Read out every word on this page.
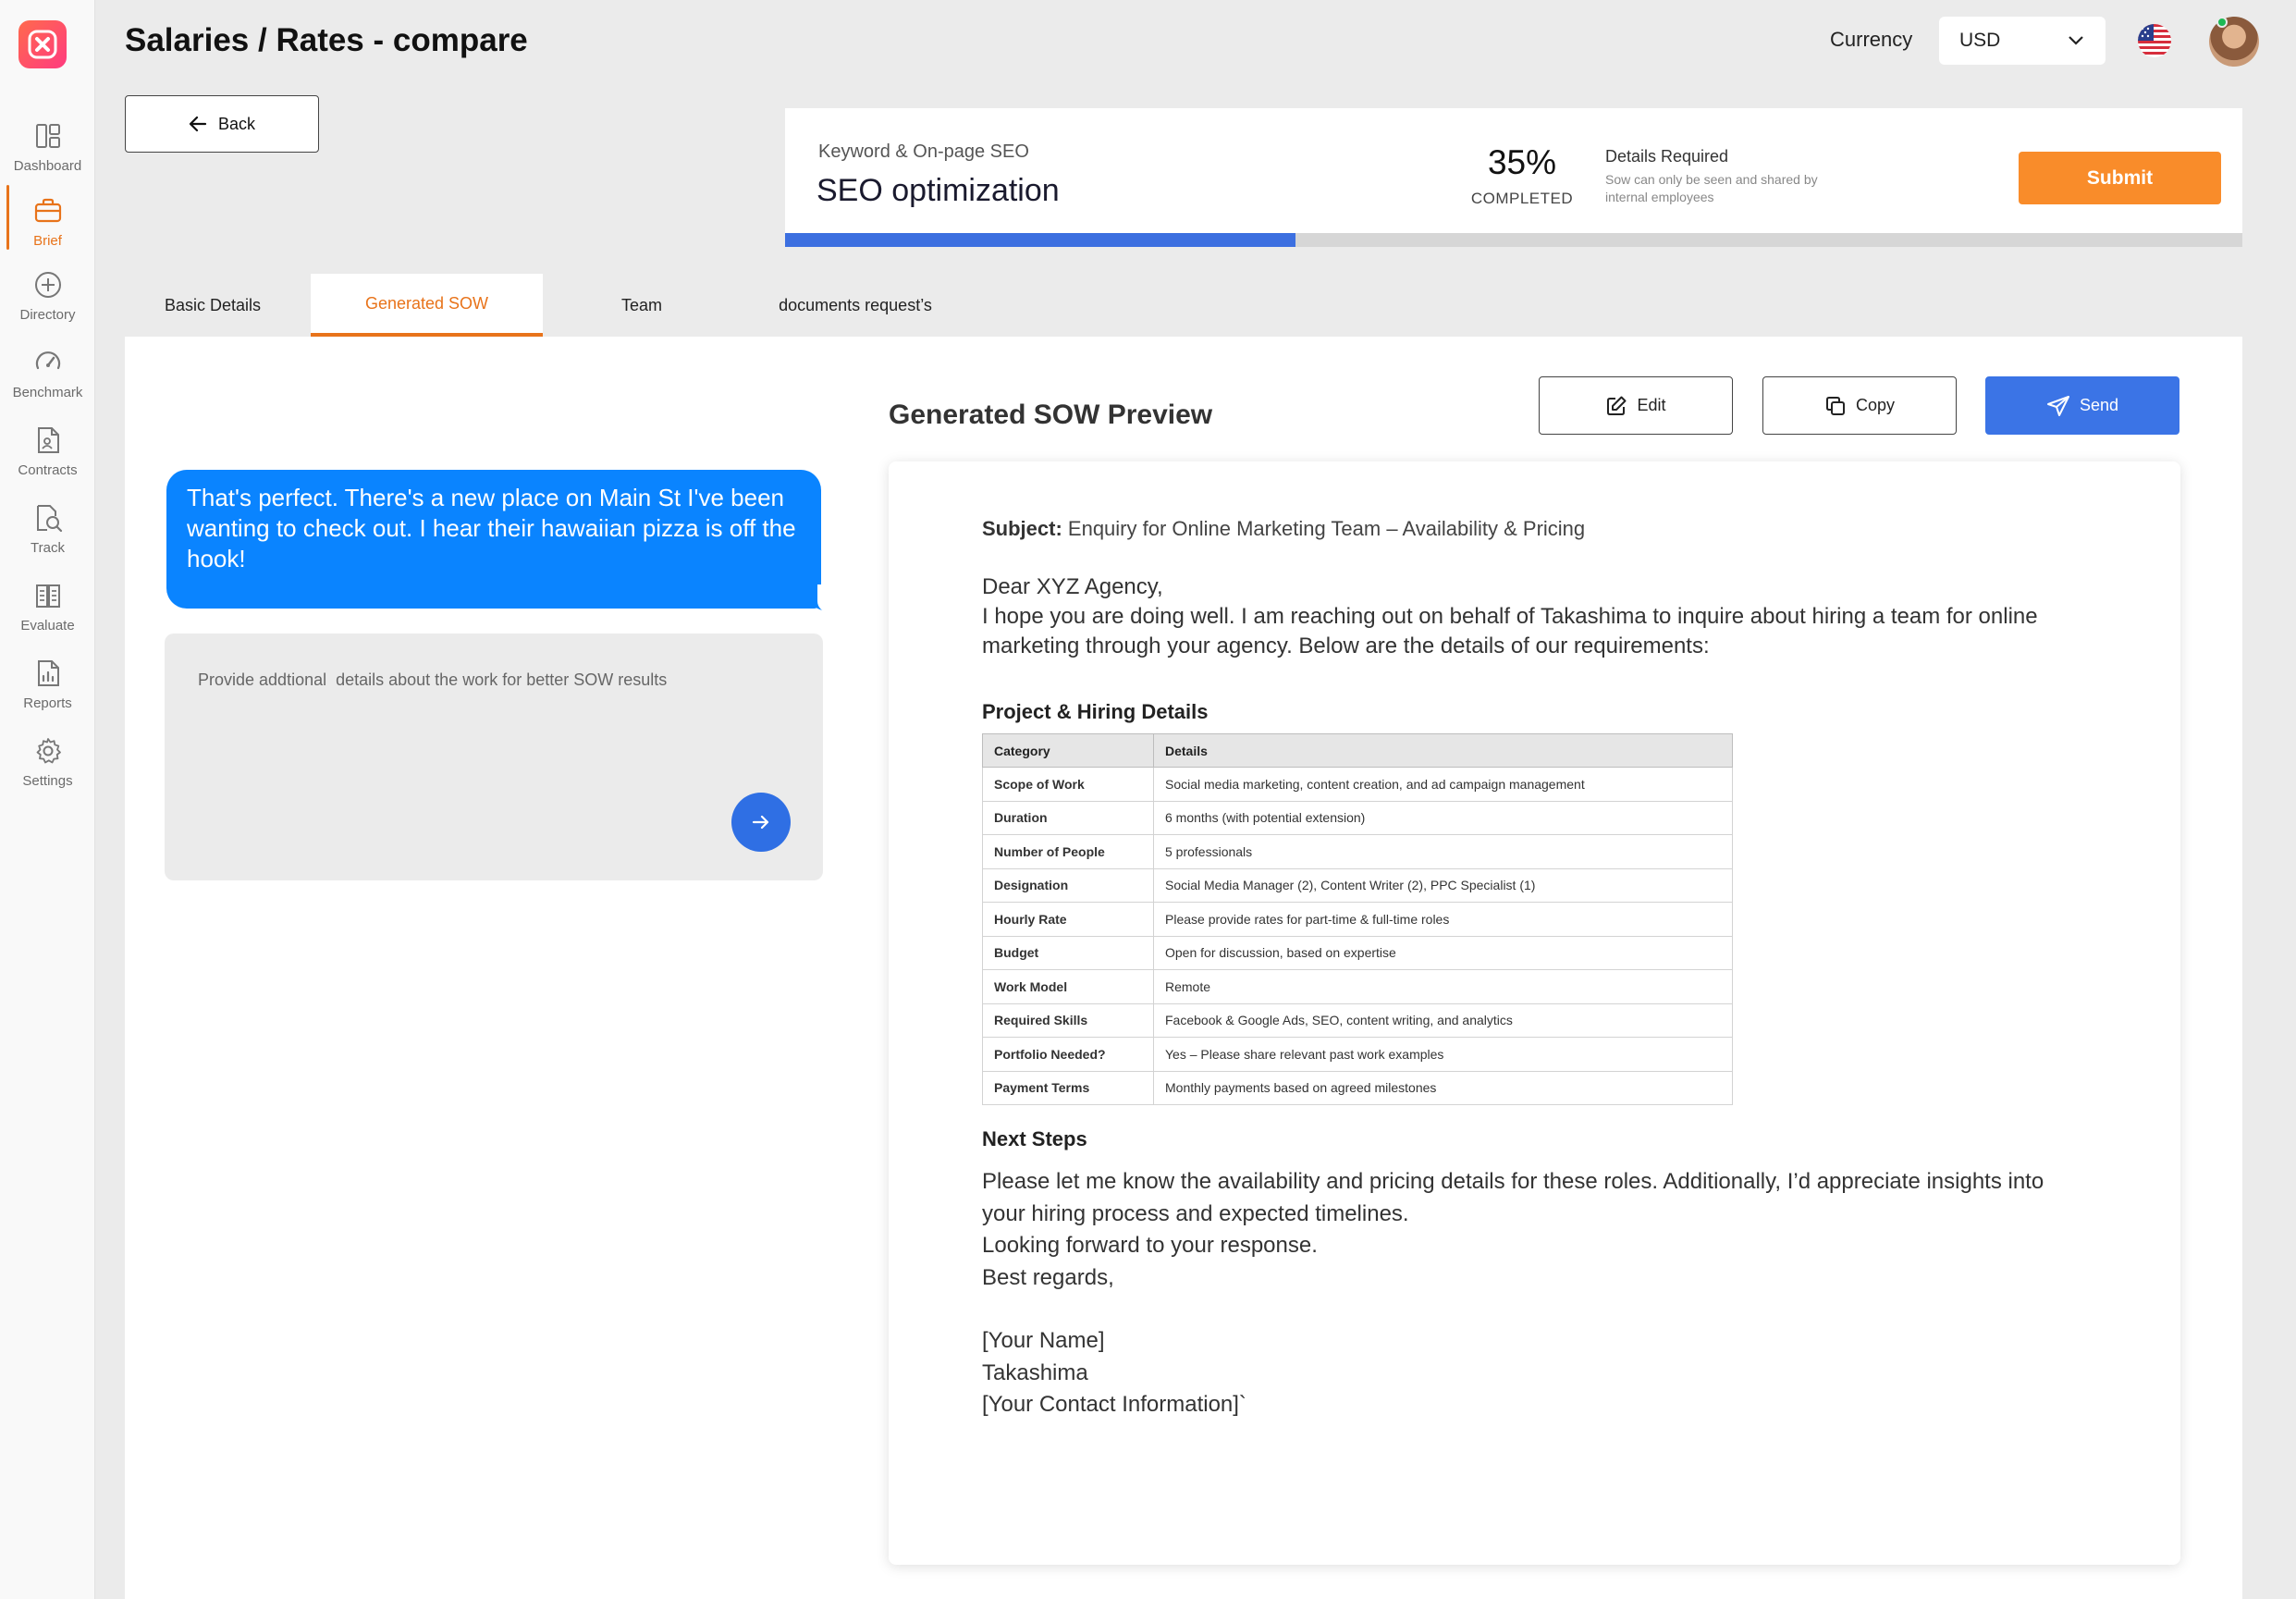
Dashboard
Brief
Directory
Benchmark
Contracts
Track
Evaluate
Reports
Settings
Salaries / Rates - compare	Currency USD
Back
Keyword & On-page SEO
SEO optimization
35%
COMPLETED
Details Required
Sow can only be seen and shared by internal employees
Submit
Basic Details	Generated SOW	Team	documents request’s
That's perfect. There's a new place on Main St I've been wanting to check out. I hear their hawaiian pizza is off the hook!
Provide addtional details about the work for better SOW results
Generated SOW Preview	Edit	Copy	Send
Subject: Enquiry for Online Marketing Team – Availability & Pricing
Dear XYZ Agency,
I hope you are doing well. I am reaching out on behalf of Takashima to inquire about hiring a team for online marketing through your agency. Below are the details of our requirements:
Project & Hiring Details
Category	Details
Scope of Work	Social media marketing, content creation, and ad campaign management
Duration	6 months (with potential extension)
Number of People	5 professionals
Designation	Social Media Manager (2), Content Writer (2), PPC Specialist (1)
Hourly Rate	Please provide rates for part-time & full-time roles
Budget	Open for discussion, based on expertise
Work Model	Remote
Required Skills	Facebook & Google Ads, SEO, content writing, and analytics
Portfolio Needed?	Yes – Please share relevant past work examples
Payment Terms	Monthly payments based on agreed milestones
Next Steps
Please let me know the availability and pricing details for these roles. Additionally, I’d appreciate insights into your hiring process and expected timelines.
Looking forward to your response.
Best regards,
[Your Name]
Takashima
[Your Contact Information]`
